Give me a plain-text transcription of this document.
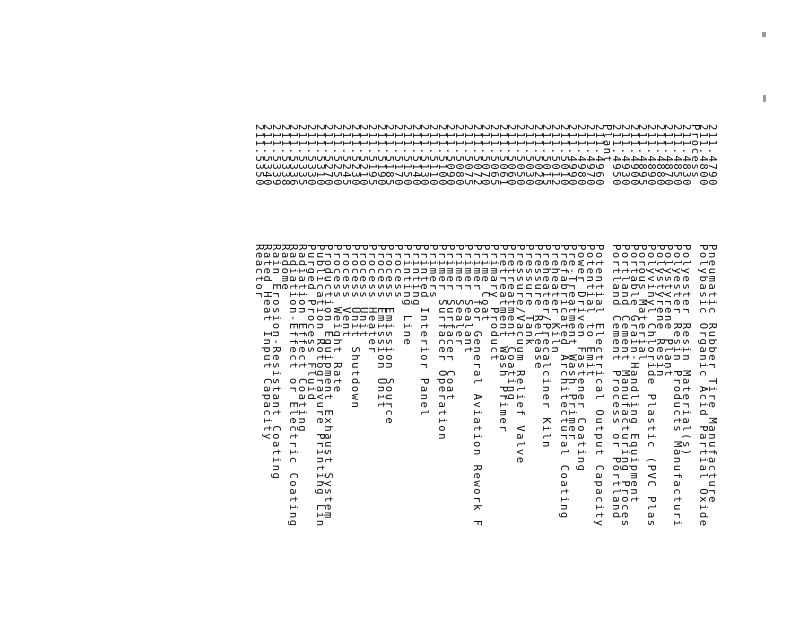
211.4790
Pneumatic Rubber Tire Manufacture
211.4800
Polybasic Organic Acid Partial Oxide
Process
211.4830
Polyester Resin Material(s)
211.4850
Polyester Resin Products Manufacturi
211.4870
Polystyrene Plant
211.4880
Polystyrene Resin
211.4890
Polyvinyl Chloride Plastic (PVC Plas
211.4895
Porous Material
211.4900
Portable Grain-Handling Equipment
211.4930
Portland Cement Manufacturing Proces
211.4950
Portland Cement Process or Portland
Plant
211.4960
Potential Electrical Output Capacity
211.4970
Potential to Emit
211.4980
Power Driven Fastener Coating
211.4990
Pre-Treatment Wash Primer
211.5010
Prefabricated Architectural Coating
211.5012
Preheater Kiln
211.5015
Preheater/Precalciner Kiln
211.5020
Pressure Release
211.5030
Pressure Tank
211.5050
Pressure/Vacuum Relief Valve
211.5060
Pretreatment Coating
211.5061
Pretreatment Wash Primer
211.5065
Primary Product
211.5070
Prime Coat
211.5072
Primer for General Aviation Rework F
211.5075
Primer Sealant
211.5080
Primer Sealer
211.5090
Primer Surfacer Coat
211.5100
Primer Surfacer Operation
211.5110
Primers
211.5130
Printed Interior Panel
211.5140
Printing
211.5150
Printing Line
211.5170
Process
211.5185
Process Emission Source
211.5190
Process Emission Unit
211.5195
Process Heater
211.5210
Process Unit
211.5230
Process Unit Shutdown
211.5245
Process Vent
211.5250
Process Weight Rate
211.5270
Production Equipment Exhaust System
211.5310
Publication Rotogravure Printing Lin
211.5330
Purged Process Fluid
211.5335
Radiation Effect Coating
211.5336
Radiation-Effect or Electric Coating
211.5338
Radome
211.5339
Rain Erosion-Resistant Coating
211.5340
Rated Heat Input Capacity
211.5350
Reactor
